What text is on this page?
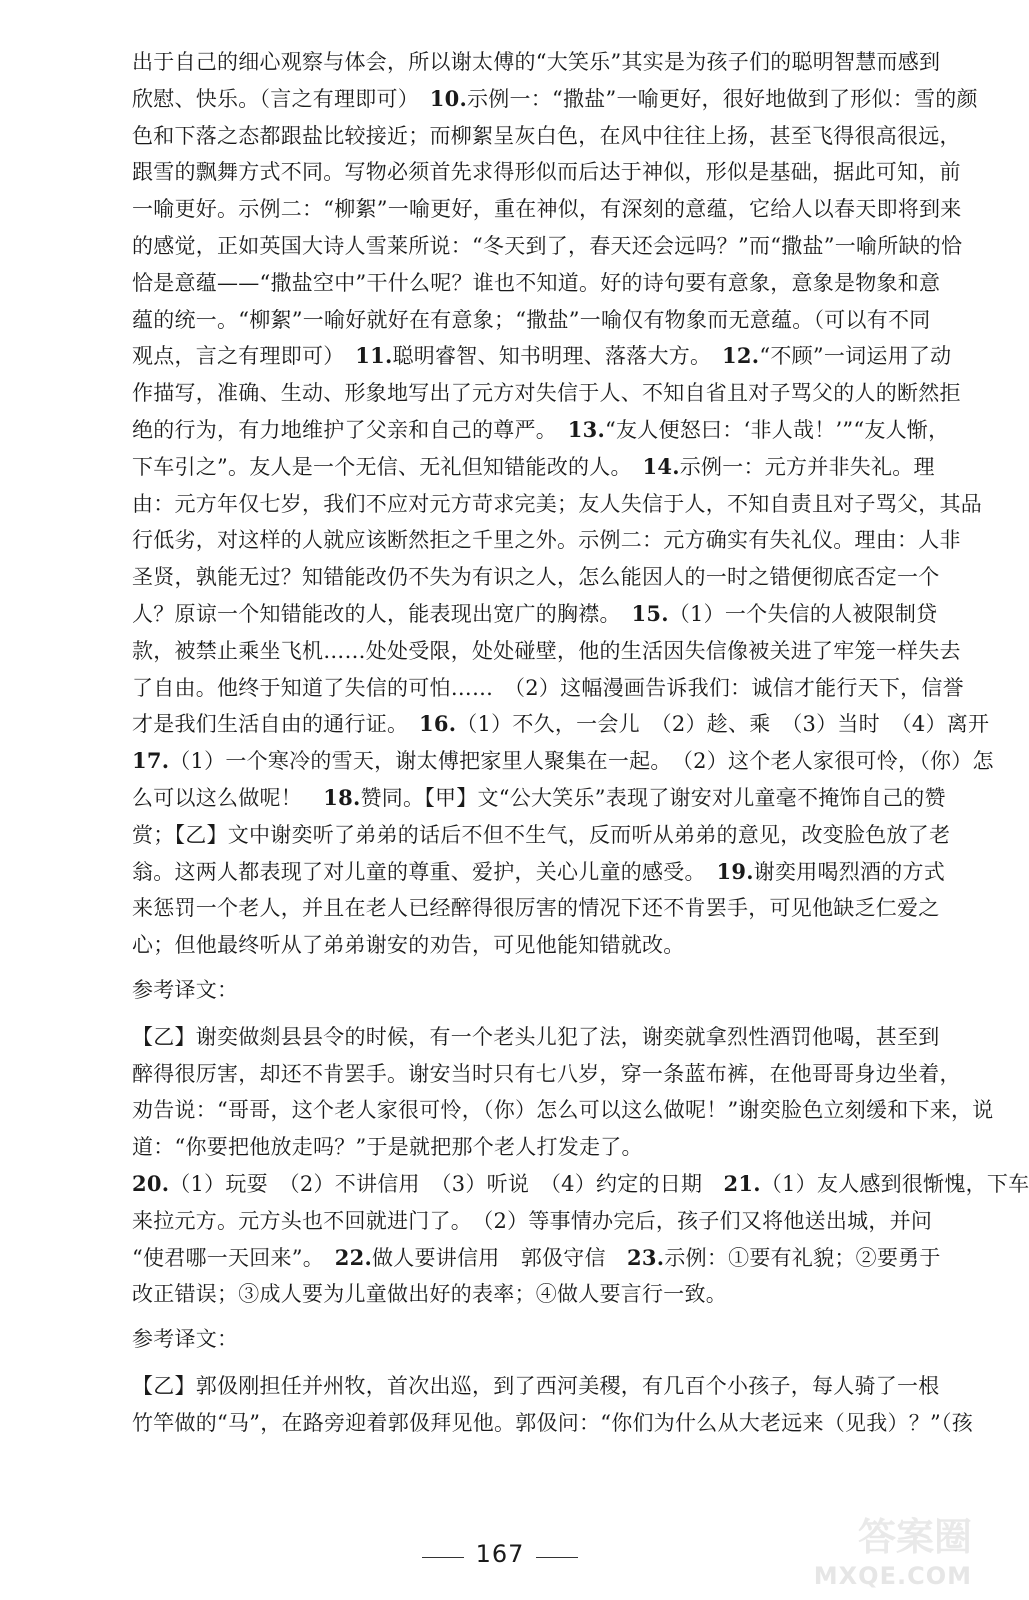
出于自己的细心观察与体会，所以谢太傅的“大笑乐”其实是为孩子们的聪明智慧而感到
欣慰、快乐。（言之有理即可）　10.示例一：“撒盐”一喻更好，很好地做到了形似：雪的颜
色和下落之态都跟盐比较接近；而柳絮呈灰白色，在风中往往上扬，甚至飞得很高很远，
跟雪的飘舞方式不同。写物必须首先求得形似而后达于神似，形似是基础，据此可知，前
一喻更好。示例二：“柳絮”一喻更好，重在神似，有深刻的意蕴，它给人以春天即将到来
的感觉，正如英国大诗人雪莱所说：“冬天到了，春天还会远吗？”而“撒盐”一喻所缺的恰
恰是意蕴——“撒盐空中”干什么呢？谁也不知道。好的诗句要有意象，意象是物象和意
蕴的统一。“柳絮”一喻好就好在有意象；“撒盐”一喻仅有物象而无意蕴。（可以有不同
观点，言之有理即可）　11.聪明睿智、知书明理、落落大方。　12.“不顾”一词运用了动
作描写，准确、生动、形象地写出了元方对失信于人、不知自省且对子骂父的人的断然拒
绝的行为，有力地维护了父亲和自己的尊严。　13.“友人便怒曰：‘非人哉！’”“友人惭，
下车引之”。友人是一个无信、无礼但知错能改的人。　14.示例一：元方并非失礼。理
由：元方年仅七岁，我们不应对元方苛求完美；友人失信于人，不知自责且对子骂父，其品
行低劣，对这样的人就应该断然拒之千里之外。示例二：元方确实有失礼仪。理由：人非
圣贤，孰能无过？知错能改仍不失为有识之人，怎么能因人的一时之错便彻底否定一个
人？原谅一个知错能改的人，能表现出宽广的胸襟。　15.（1）一个失信的人被限制贷
款，被禁止乘坐飞机……处处受限，处处碰壁，他的生活因失信像被关进了牢笼一样失去
了自由。他终于知道了失信的可怕……　（2）这幅漫画告诉我们：诚信才能行天下，信誉
才是我们生活自由的通行证。　16.（1）不久，一会儿　（2）趁、乘　（3）当时　（4）离开
17.（1）一个寒冷的雪天，谢太傅把家里人聚集在一起。　（2）这个老人家很可怜，（你）怎
么可以这么做呢！　18.赞同。【甲】文“公大笑乐”表现了谢安对儿童毫不掩饰自己的赞
赏；【乙】文中谢奕听了弟弟的话后不但不生气，反而听从弟弟的意见，改变脸色放了老
翁。这两人都表现了对儿童的尊重、爱护，关心儿童的感受。　19.谢奕用喝烈酒的方式
来惩罚一个老人，并且在老人已经醉得很厉害的情况下还不肯罢手，可见他缺乏仁爱之
心；但他最终听从了弟弟谢安的劝告，可见他能知错就改。
参考译文：
【乙】谢奕做剡县县令的时候，有一个老头儿犯了法，谢奕就拿烈性酒罚他喝，甚至到
醉得很厉害，却还不肯罢手。谢安当时只有七八岁，穿一条蓝布裤，在他哥哥身边坐着，
劝告说：“哥哥，这个老人家很可怜，（你）怎么可以这么做呢！”谢奕脸色立刻缓和下来，说
道：“你要把他放走吗？”于是就把那个老人打发走了。
20.（1）玩耍　（2）不讲信用　（3）听说　（4）约定的日期　21.（1）友人感到很惭愧，下车
来拉元方。元方头也不回就进门了。　（2）等事情办完后，孩子们又将他送出城，并问
“使君哪一天回来”。　22.做人要讲信用　郭伋守信　23.示例：①要有礼貌；②要勇于
改正错误；③成人要为儿童做出好的表率；④做人要言行一致。
参考译文：
【乙】郭伋刚担任并州牧，首次出巡，到了西河美稷，有几百个小孩子，每人骑了一根
竹竿做的“马”，在路旁迎着郭伋拜见他。郭伋问：“你们为什么从大老远来（见我）？”（孩
167	答案圈
MXQE.COM
